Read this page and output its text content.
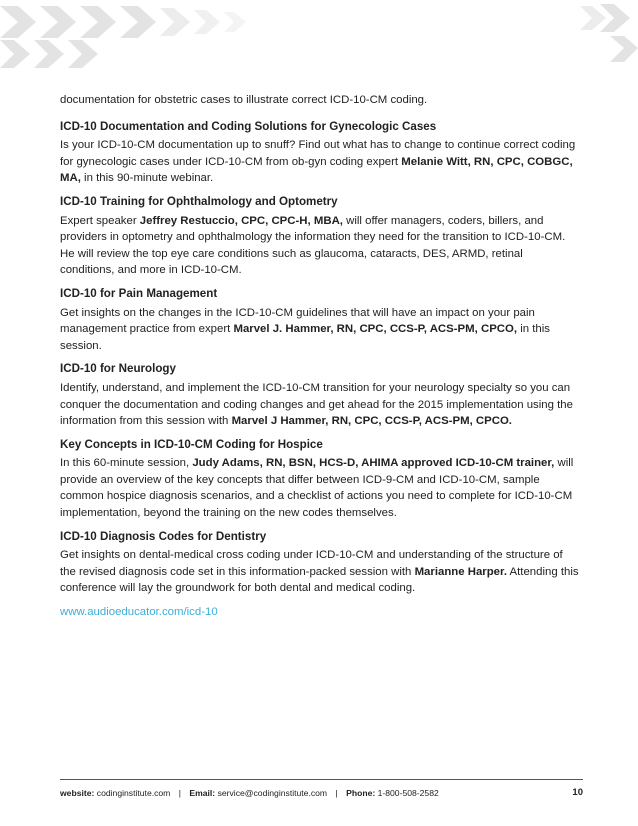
documentation for obstetric cases to illustrate correct ICD-10-CM coding.

ICD-10 Documentation and Coding Solutions for Gynecologic Cases

Is your ICD-10-CM documentation up to snuff? Find out what has to change to continue correct coding for gynecologic cases under ICD-10-CM from ob-gyn coding expert Melanie Witt, RN, CPC, COBGC, MA, in this 90-minute webinar.

ICD-10 Training for Ophthalmology and Optometry

Expert speaker Jeffrey Restuccio, CPC, CPC-H, MBA, will offer managers, coders, billers, and providers in optometry and ophthalmology the information they need for the transition to ICD-10-CM. He will review the top eye care conditions such as glaucoma, cataracts, DES, ARMD, retinal conditions, and more in ICD-10-CM.

ICD-10 for Pain Management

Get insights on the changes in the ICD-10-CM guidelines that will have an impact on your pain management practice from expert Marvel J. Hammer, RN, CPC, CCS-P, ACS-PM, CPCO, in this session.

ICD-10 for Neurology

Identify, understand, and implement the ICD-10-CM transition for your neurology specialty so you can conquer the documentation and coding changes and get ahead for the 2015 implementation using the information from this session with Marvel J Hammer, RN, CPC, CCS-P, ACS-PM, CPCO.

Key Concepts in ICD-10-CM Coding for Hospice

In this 60-minute session, Judy Adams, RN, BSN, HCS-D, AHIMA approved ICD-10-CM trainer, will provide an overview of the key concepts that differ between ICD-9-CM and ICD-10-CM, sample common hospice diagnosis scenarios, and a checklist of actions you need to complete for ICD-10-CM implementation, beyond the training on the new codes themselves.

ICD-10 Diagnosis Codes for Dentistry

Get insights on dental-medical cross coding under ICD-10-CM and understanding of the structure of the revised diagnosis code set in this information-packed session with Marianne Harper. Attending this conference will lay the groundwork for both dental and medical coding.

www.audioeducator.com/icd-10

website: codinginstitute.com | Email: service@codinginstitute.com | Phone: 1-800-508-2582	10
